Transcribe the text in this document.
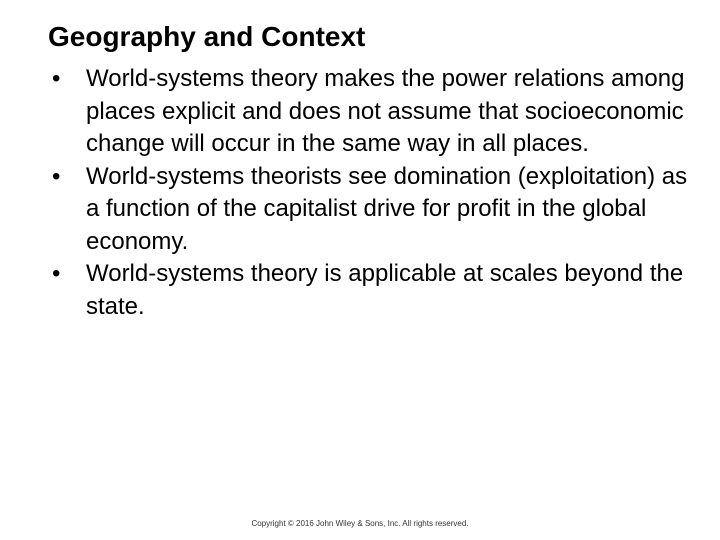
Geography and Context
•	World-systems theory makes the power relations among places explicit and does not assume that socioeconomic change will occur in the same way in all places.
•	World-systems theorists see domination (exploitation) as a function of the capitalist drive for profit in the global economy.
•	World-systems theory is applicable at scales beyond the state.
Copyright © 2016 John Wiley & Sons, Inc. All rights reserved.
